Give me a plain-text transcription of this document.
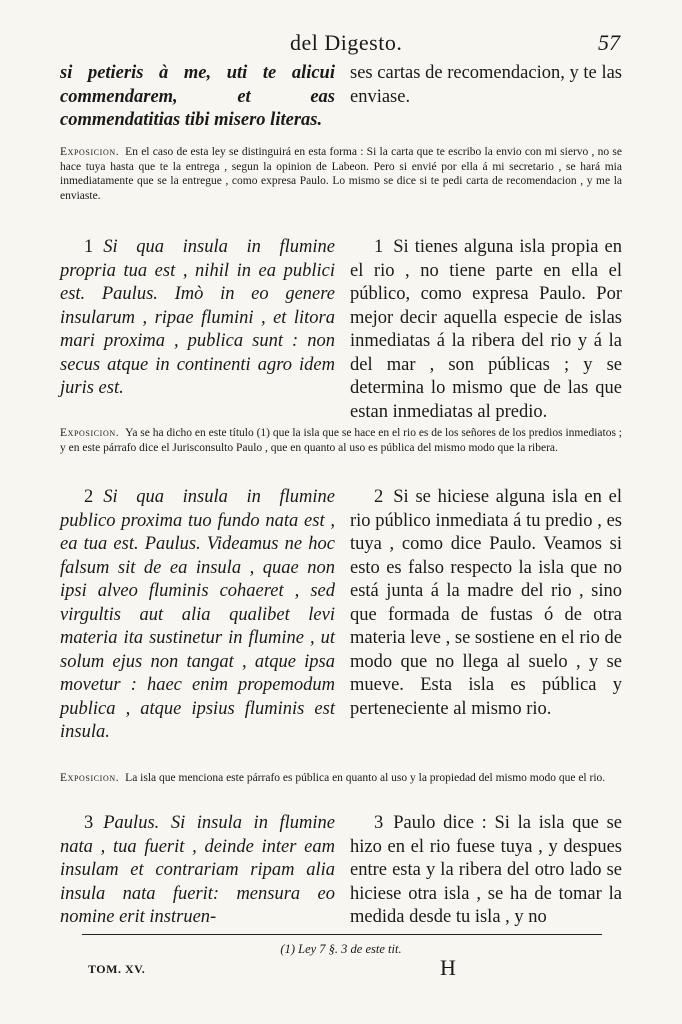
del Digesto.	57
si petieris à me, uti te alicui commendarem, et eas commendatitias tibi misero literas.
ses cartas de recomendacion, y te las enviase.
Exposicion. En el caso de esta ley se distinguirá en esta forma : Si la carta que te escribo la envio con mi siervo , no se hace tuya hasta que te la entrega , segun la opinion de Labeon. Pero si envié por ella á mi secretario , se hará mia inmediatamente que se la entregue , como expresa Paulo. Lo mismo se dice si te pedi carta de recomendacion , y me la enviaste.
1 Si qua insula in flumine propria tua est , nihil in ea publici est. Paulus. Imò in eo genere insularum , ripae flumini , et litora mari proxima , publica sunt : non secus atque in continenti agro idem juris est.
1 Si tienes alguna isla propia en el rio , no tiene parte en ella el público, como expresa Paulo. Por mejor decir aquella especie de islas inmediatas á la ribera del rio y á la del mar , son públicas ; y se determina lo mismo que de las que estan inmediatas al predio.
Exposicion. Ya se ha dicho en este título (1) que la isla que se hace en el rio es de los señores de los predios inmediatos ; y en este párrafo dice el Jurisconsulto Paulo , que en quanto al uso es pública del mismo modo que la ribera.
2 Si qua insula in flumine publico proxima tuo fundo nata est , ea tua est. Paulus. Videamus ne hoc falsum sit de ea insula , quae non ipsi alveo fluminis cohaeret , sed virgultis aut alia qualibet levi materia ita sustinetur in flumine , ut solum ejus non tangat , atque ipsa movetur : haec enim propemodum publica , atque ipsius fluminis est insula.
2 Si se hiciese alguna isla en el rio público inmediata á tu predio , es tuya , como dice Paulo. Veamos si esto es falso respecto la isla que no está junta á la madre del rio , sino que formada de fustas ó de otra materia leve , se sostiene en el rio de modo que no llega al suelo , y se mueve. Esta isla es pública y perteneciente al mismo rio.
Exposicion. La isla que menciona este párrafo es pública en quanto al uso y la propiedad del mismo modo que el rio.
3 Paulus. Si insula in flumine nata , tua fuerit , deinde inter eam insulam et contrariam ripam alia insula nata fuerit: mensura eo nomine erit instruen-
3 Paulo dice : Si la isla que se hizo en el rio fuese tuya , y despues entre esta y la ribera del otro lado se hiciese otra isla , se ha de tomar la medida desde tu isla , y no
(1) Ley 7 §. 3 de este tit.
TOM. XV.	H
